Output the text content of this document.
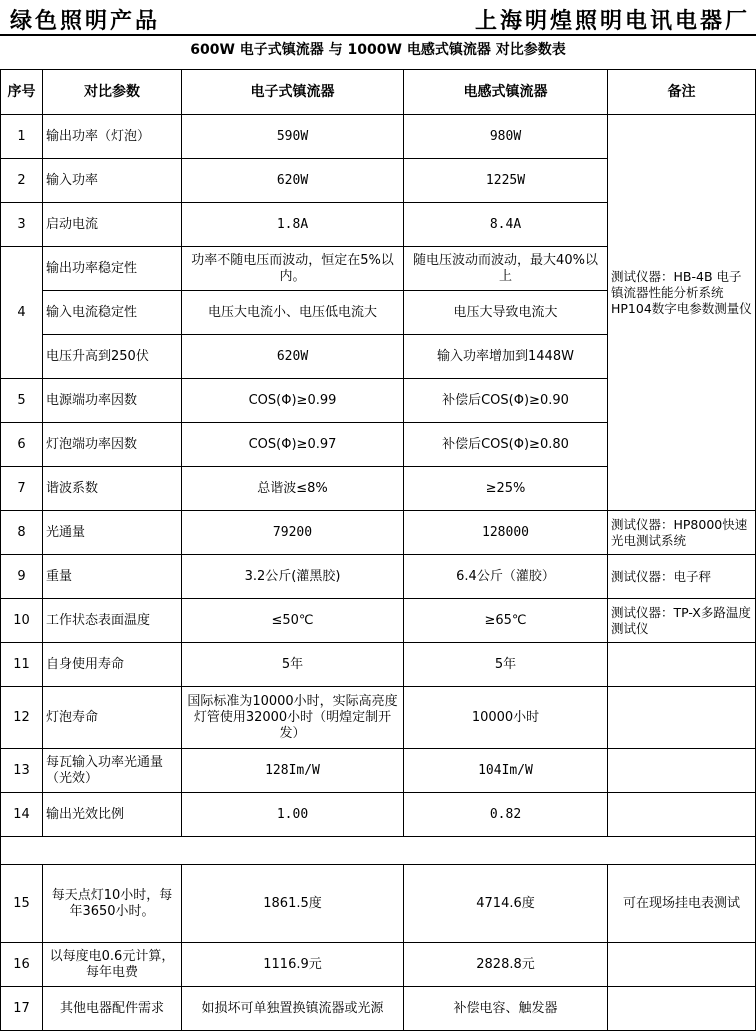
绿色照明产品	上海明煌照明电讯电器厂
600W 电子式镇流器 与 1000W 电感式镇流器 对比参数表
序号	对比参数	电子式镇流器	电感式镇流器	备注
1	输出功率（灯泡）	590W	980W	测试仪器：HB-4B 电子镇流器性能分析系统 HP104数字电参数测量仪

2	输入功率	620W	1225W	
3	启动电流	1.8A	8.4A	
4	输出功率稳定性	功率不随电压而波动，恒定在5%以内。	随电压波动而波动，最大40%以上	
	输入电流稳定性	电压大电流小、电压低电流大	电压大导致电流大	
	电压升高到250伏	620W	输入功率增加到1448W	
5	电源端功率因数	COS(Φ)≥0.99	补偿后COS(Φ)≥0.90	
6	灯泡端功率因数	COS(Φ)≥0.97	补偿后COS(Φ)≥0.80	
7	谐波系数	总谐波≤8%	≥25%	
8	光通量	79200	128000	测试仪器：HP8000快速光电测试系统
9	重量	3.2公斤(灌黑胶)	6.4公斤（灌胶）	测试仪器：电子秤
10	工作状态表面温度	≤50℃	≥65℃	测试仪器：TP-X多路温度测试仪
11	自身使用寿命	5年	5年	
12	灯泡寿命	国际标准为10000小时，实际高亮度灯管使用32000小时（明煌定制开发）	10000小时	
13	每瓦输入功率光通量（光效）	128Im/W	104Im/W	
14	输出光效比例	1.00	0.82	

15	每天点灯10小时，每年3650小时。	1861.5度	4714.6度	可在现场挂电表测试
16	以每度电0.6元计算，每年电费	1116.9元	2828.8元	
17	其他电器配件需求	如损坏可单独置换镇流器或光源	补偿电容、触发器	
